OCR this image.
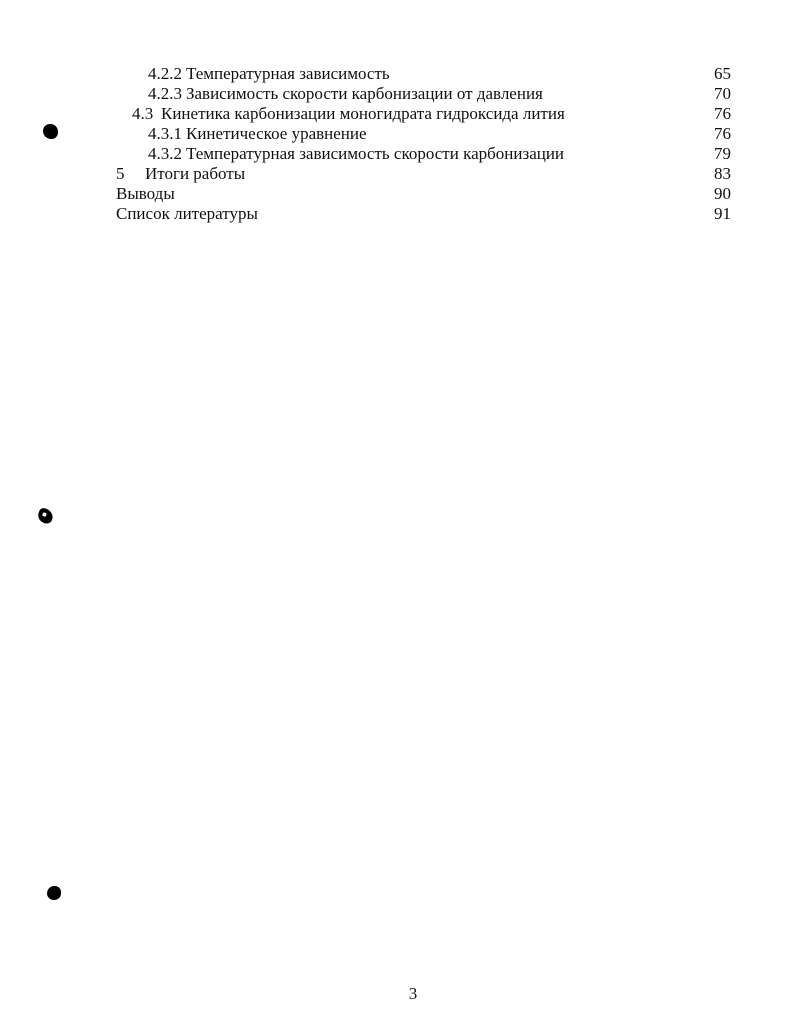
4.2.2 Температурная зависимость	65
4.2.3 Зависимость скорости карбонизации от давления	70
4.3 Кинетика карбонизации моногидрата гидроксида лития	76
4.3.1 Кинетическое уравнение	76
4.3.2 Температурная зависимость скорости карбонизации	79
5 Итоги работы	83
Выводы	90
Список литературы	91
3
